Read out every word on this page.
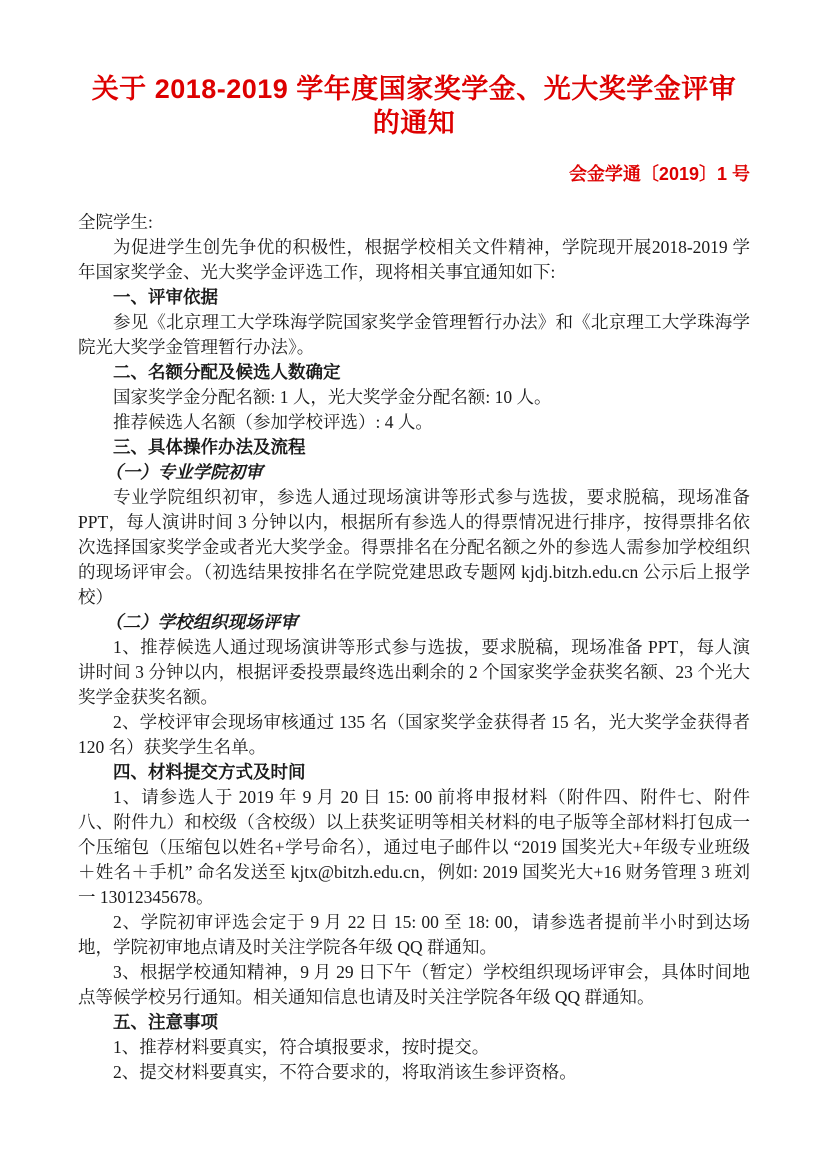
关于 2018-2019 学年度国家奖学金、光大奖学金评审的通知
会金学通〔2019〕1 号

全院学生:

为促进学生创先争优的积极性，根据学校相关文件精神，学院现开展2018-2019 学年国家奖学金、光大奖学金评选工作，现将相关事宜通知如下:

一、评审依据

参见《北京理工大学珠海学院国家奖学金管理暂行办法》和《北京理工大学珠海学院光大奖学金管理暂行办法》。

二、名额分配及候选人数确定

国家奖学金分配名额: 1 人，光大奖学金分配名额: 10 人。

推荐候选人名额（参加学校评选）: 4 人。

三、具体操作办法及流程

（一）专业学院初审

专业学院组织初审，参选人通过现场演讲等形式参与选拔，要求脱稿，现场准备 PPT，每人演讲时间 3 分钟以内，根据所有参选人的得票情况进行排序，按得票排名依次选择国家奖学金或者光大奖学金。得票排名在分配名额之外的参选人需参加学校组织的现场评审会。（初选结果按排名在学院党建思政专题网 kjdj.bitzh.edu.cn 公示后上报学校）

（二）学校组织现场评审

1、推荐候选人通过现场演讲等形式参与选拔，要求脱稿，现场准备 PPT，每人演讲时间 3 分钟以内，根据评委投票最终选出剩余的 2 个国家奖学金获奖名额、23 个光大奖学金获奖名额。

2、学校评审会现场审核通过 135 名（国家奖学金获得者 15 名，光大奖学金获得者 120 名）获奖学生名单。

四、材料提交方式及时间

1、请参选人于 2019 年 9 月 20 日 15: 00 前将申报材料（附件四、附件七、附件八、附件九）和校级（含校级）以上获奖证明等相关材料的电子版等全部材料打包成一个压缩包（压缩包以姓名+学号命名），通过电子邮件以 “2019 国奖光大+年级专业班级＋姓名＋手机” 命名发送至 kjtx@bitzh.edu.cn，例如: 2019 国奖光大+16 财务管理 3 班刘一 13012345678。

2、学院初审评选会定于 9 月 22 日 15: 00 至 18: 00，请参选者提前半小时到达场地，学院初审地点请及时关注学院各年级 QQ 群通知。

3、根据学校通知精神，9 月 29 日下午（暂定）学校组织现场评审会，具体时间地点等候学校另行通知。相关通知信息也请及时关注学院各年级 QQ 群通知。

五、注意事项

1、推荐材料要真实，符合填报要求，按时提交。

2、提交材料要真实，不符合要求的，将取消该生参评资格。
